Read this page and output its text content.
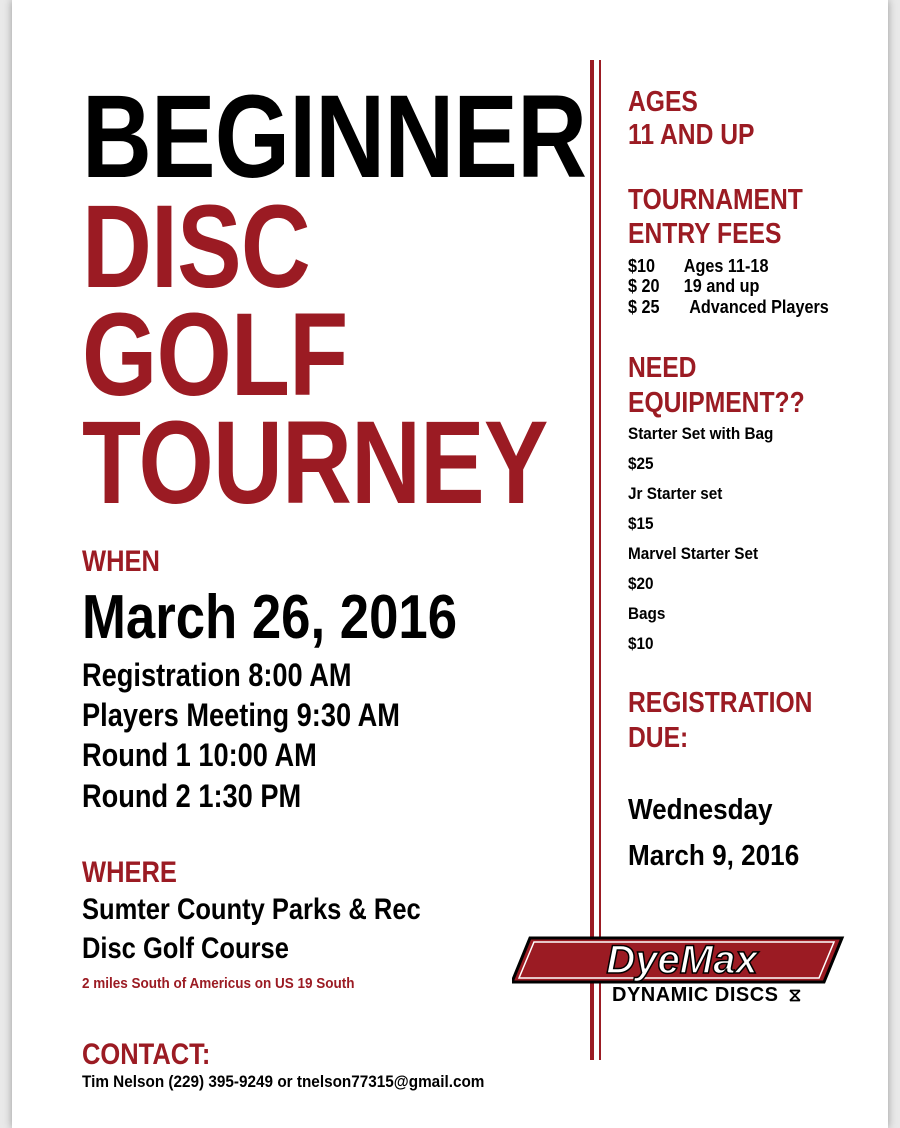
BEGINNER
DISC
GOLF
TOURNEY
WHEN
March 26, 2016
Registration 8:00 AM
Players Meeting 9:30 AM
Round 1 10:00 AM
Round 2 1:30 PM
WHERE
Sumter County Parks & Rec
Disc Golf Course
2 miles South of Americus on US 19 South
CONTACT:
Tim Nelson (229) 395-9249 or tnelson77315@gmail.com
AGES
11 AND UP
TOURNAMENT
ENTRY FEES
$10 Ages 11-18
$ 20 19 and up
$ 25 Advanced Players
NEED
EQUIPMENT??
Starter Set with Bag
$25
Jr Starter set
$15
Marvel Starter Set
$20
Bags
$10
REGISTRATION
DUE:
Wednesday
March 9, 2016
DyeMax
DYNAMIC DISCS ⧖
